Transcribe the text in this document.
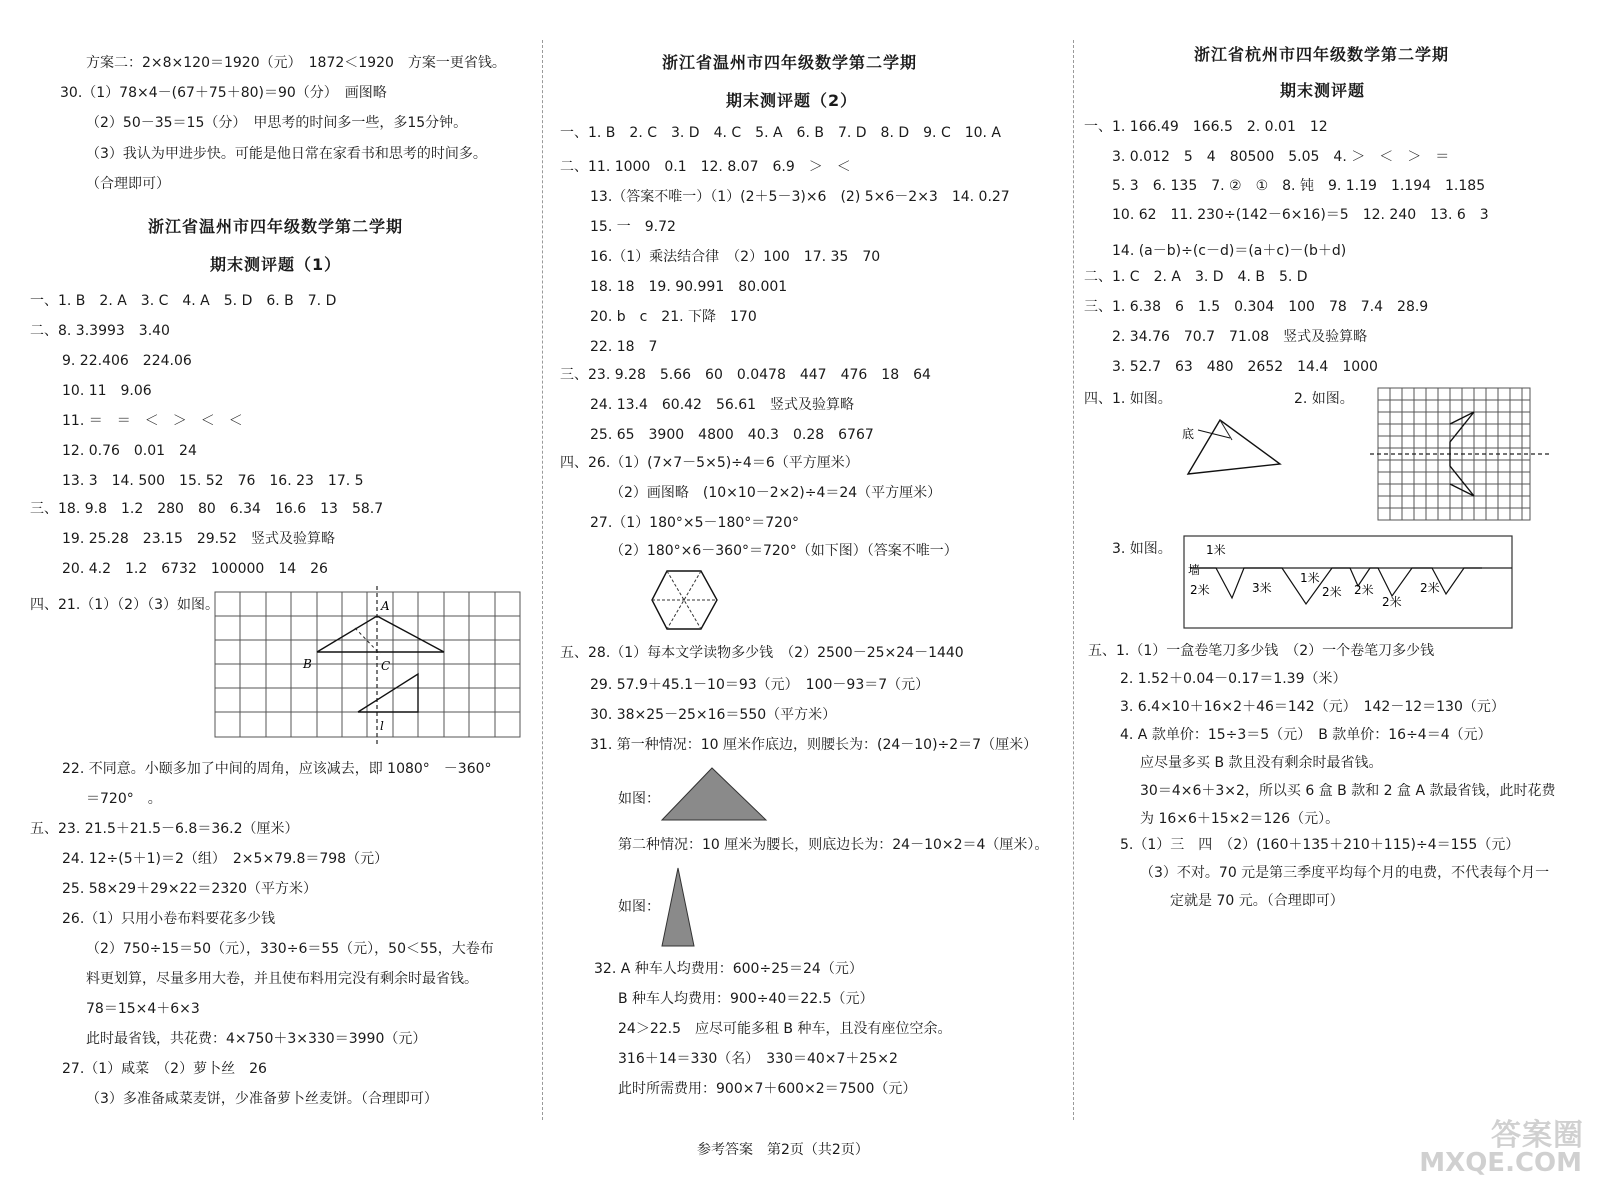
方案二：2×8×120＝1920（元）　1872＜1920　方案一更省钱。
30.（1）78×4－(67＋75＋80)＝90（分）　画图略
（2）50－35＝15（分）　甲思考的时间多一些，多15分钟。
（3）我认为甲进步快。可能是他日常在家看书和思考的时间多。
（合理即可）
浙江省温州市四年级数学第二学期
期末测评题（1）
一、1. B　2. A　3. C　4. A　5. D　6. B　7. D
二、8. 3.3993　3.40
9. 22.406　224.06
10. 11　9.06
11. ＝　＝　＜　＞　＜　＜
12. 0.76　0.01　24
13. 3　14. 500　15. 52　76　16. 23　17. 5
三、18. 9.8　1.2　280　80　6.34　16.6　13　58.7
19. 25.28　23.15　29.52　竖式及验算略
20. 4.2　1.2　6732　100000　14　26
四、21.（1）（2）（3）如图。	A
B	C
l
22. 不同意。小颐多加了中间的周角，应该减去，即 1080°　－360°
＝720°　。
五、23. 21.5＋21.5－6.8＝36.2（厘米）
24. 12÷(5＋1)＝2（组）　2×5×79.8＝798（元）
25. 58×29＋29×22＝2320（平方米）
26.（1）只用小卷布料要花多少钱
（2）750÷15＝50（元），330÷6＝55（元），50＜55，大卷布
料更划算，尽量多用大卷，并且使布料用完没有剩余时最省钱。
78＝15×4＋6×3
此时最省钱，共花费：4×750＋3×330＝3990（元）
27.（1）咸菜　（2）萝卜丝　26
（3）多准备咸菜麦饼，少准备萝卜丝麦饼。（合理即可）
浙江省温州市四年级数学第二学期
期末测评题（2）
一、1. B　2. C　3. D　4. C　5. A　6. B　7. D　8. D　9. C　10. A
二、11. 1000　0.1　12. 8.07　6.9　＞　＜
13.（答案不唯一）（1）(2＋5－3)×6　(2) 5×6－2×3　14. 0.27
15. 一　9.72
16.（1）乘法结合律　（2）100　17. 35　70
18. 18　19. 90.991　80.001
20. b　c　21. 下降　170
22. 18　7
三、23. 9.28　5.66　60　0.0478　447　476　18　64
24. 13.4　60.42　56.61　竖式及验算略
25. 65　3900　4800　40.3　0.28　6767
四、26.（1）(7×7－5×5)÷4＝6（平方厘米）
（2）画图略　(10×10－2×2)÷4＝24（平方厘米）
27.（1）180°×5－180°＝720°
（2）180°×6－360°＝720°（如下图）（答案不唯一）
五、28.（1）每本文学读物多少钱　（2）2500－25×24－1440
29. 57.9＋45.1－10＝93（元）　100－93＝7（元）
30. 38×25－25×16＝550（平方米）
31. 第一种情况：10 厘米作底边，则腰长为：(24－10)÷2＝7（厘米）
如图：
第二种情况：10 厘米为腰长，则底边长为：24－10×2＝4（厘米）。
如图：
32. A 种车人均费用：600÷25＝24（元）
B 种车人均费用：900÷40＝22.5（元）
24＞22.5　应尽可能多租 B 种车，且没有座位空余。
316＋14＝330（名）　330＝40×7＋25×2
此时所需费用：900×7＋600×2＝7500（元）
浙江省杭州市四年级数学第二学期
期末测评题
一、1. 166.49　166.5　2. 0.01　12
3. 0.012　5　4　80500　5.05　4. ＞　＜　＞　＝
5. 3　6. 135　7. ②　①　8. 钝　9. 1.19　1.194　1.185
10. 62　11. 230÷(142－6×16)＝5　12. 240　13. 6　3
14. (a－b)÷(c－d)＝(a＋c)－(b＋d)
二、1. C　2. A　3. D　4. B　5. D
三、1. 6.38　6　1.5　0.304　100　78　7.4　28.9
2. 34.76　70.7　71.08　竖式及验算略
3. 52.7　63　480　2652　14.4　1000
四、1. 如图。	2. 如图。
底
3. 如图。	1米
墙
2米	3米
1米
2米 2米
2米
2米
五、1.（1）一盒卷笔刀多少钱　（2）一个卷笔刀多少钱
2. 1.52＋0.04－0.17＝1.39（米）
3. 6.4×10＋16×2＋46＝142（元）　142－12＝130（元）
4. A 款单价：15÷3＝5（元）　B 款单价：16÷4＝4（元）
应尽量多买 B 款且没有剩余时最省钱。
30＝4×6＋3×2，所以买 6 盒 B 款和 2 盒 A 款最省钱，此时花费
为 16×6＋15×2＝126（元）。
5.（1）三　四　（2）(160＋135＋210＋115)÷4＝155（元）
（3）不对。70 元是第三季度平均每个月的电费，不代表每个月一
定就是 70 元。（合理即可）
参考答案　第2页（共2页）	答案圈
MXQE.COM
